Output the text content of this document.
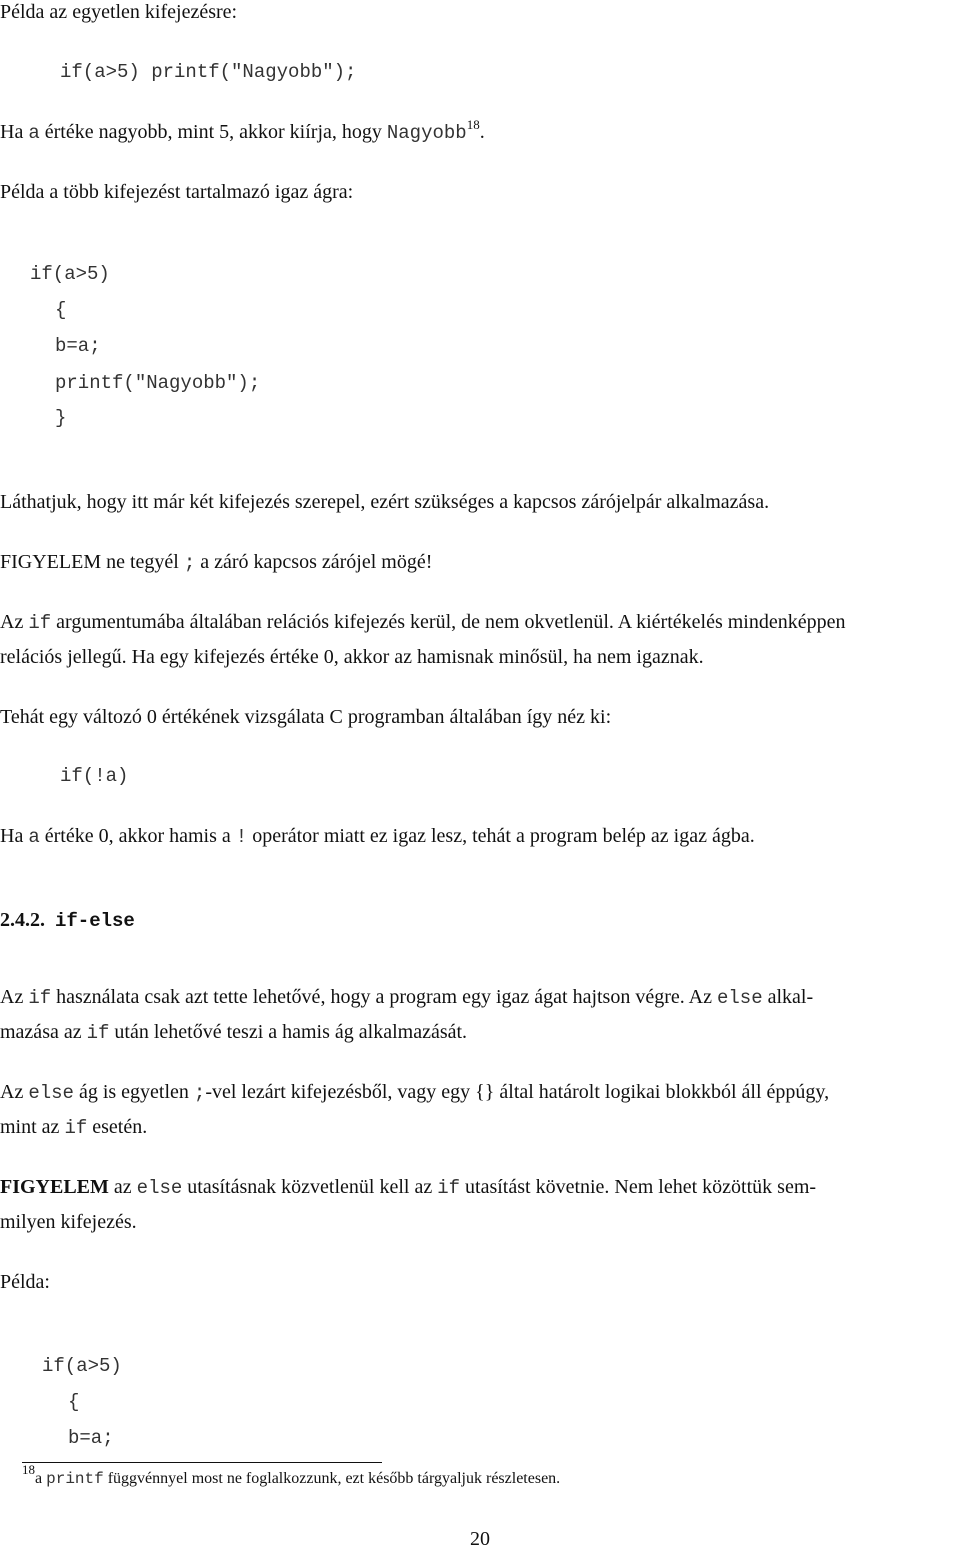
Példa az egyetlen kifejezésre:
if(a>5) printf("Nagyobb");
Ha a értéke nagyobb, mint 5, akkor kiírja, hogy Nagyobb$^{18}$.
Példa a több kifejezést tartalmazó igaz ágra:
if(a>5)
{
b=a;
printf("Nagyobb");
}
Láthatjuk, hogy itt már két kifejezés szerepel, ezért szükséges a kapcsos zárójelpár alkalmazása.
FIGYELEM ne tegyél ; a záró kapcsos zárójel mögé!
Az if argumentumába általában relációs kifejezés kerül, de nem okvetlenül. A kiértékelés mindenképpen
relációs jellegű. Ha egy kifejezés értéke 0, akkor az hamisnak minősül, ha nem igaznak.
Tehát egy változó 0 értékének vizsgálata C programban általában így néz ki:
if(!a)
Ha a értéke 0, akkor hamis a ! operátor miatt ez igaz lesz, tehát a program belép az igaz ágba.
2.4.2. if-else
Az if használata csak azt tette lehetővé, hogy a program egy igaz ágat hajtson végre. Az else alkal-
mazása az if után lehetővé teszi a hamis ág alkalmazását.
Az else ág is egyetlen ;-vel lezárt kifejezésből, vagy egy {} által határolt logikai blokkból áll éppúgy,
mint az if esetén.
FIGYELEM az else utasításnak közvetlenül kell az if utasítást követnie. Nem lehet közöttük sem-
milyen kifejezés.
Példa:
if(a>5)
{
b=a;
$^{18}$a printf függvénnyel most ne foglalkozzunk, ezt később tárgyaljuk részletesen.
20
